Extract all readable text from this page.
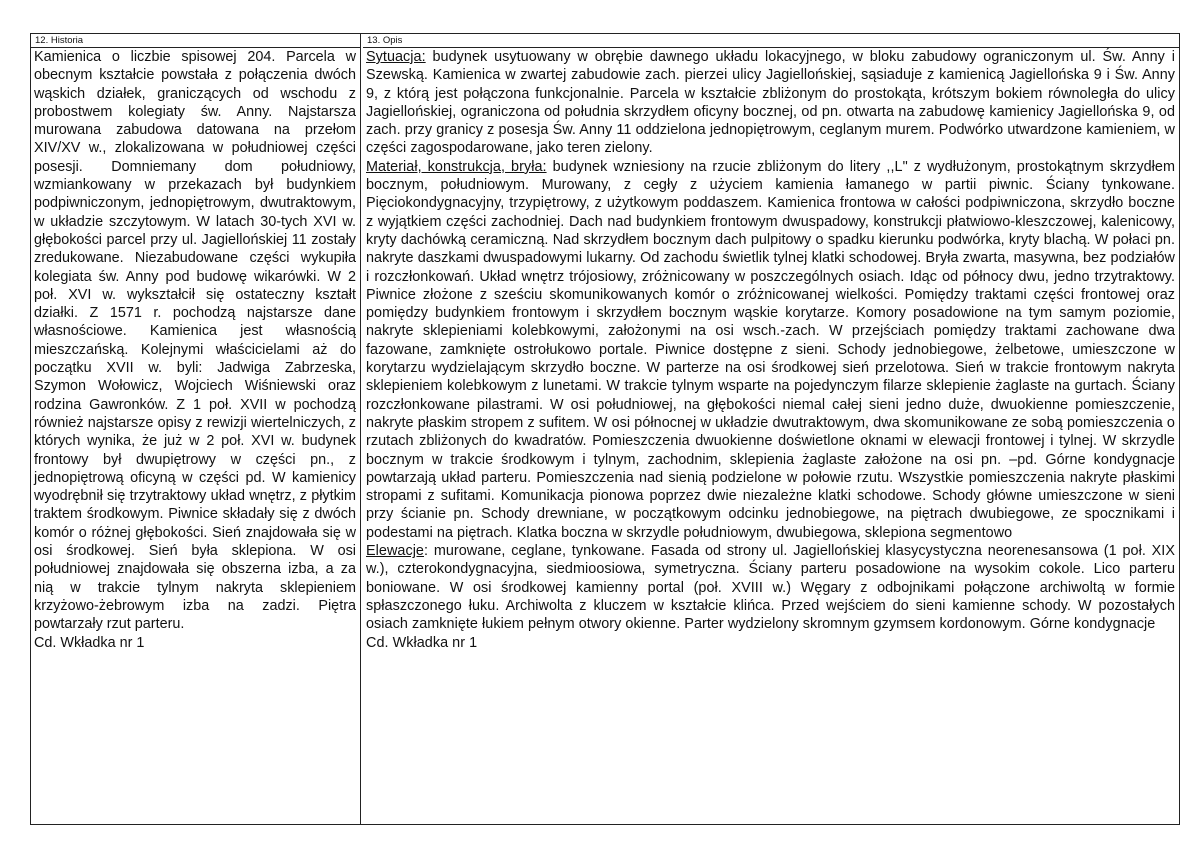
12. Historia

Kamienica o liczbie spisowej 204. Parcela w obecnym kształcie powstała z połączenia dwóch wąskich działek, graniczących od wschodu z probostwem kolegiaty św. Anny. Najstarsza murowana zabudowa datowana na przełom XIV/XV w., zlokalizowana w południowej części posesji. Domniemany dom południowy, wzmiankowany w przekazach był budynkiem podpiwniczonym, jednopiętrowym, dwutraktowym, w układzie szczytowym. W latach 30-tych XVI w. głębokości parcel przy ul. Jagiellońskiej 11 zostały zredukowane. Niezabudowane części wykupiła kolegiata św. Anny pod budowę wikarówki. W 2 poł. XVI w. wykształcił się ostateczny kształt działki. Z 1571 r. pochodzą najstarsze dane własnościowe. Kamienica jest własnością mieszczańską. Kolejnymi właścicielami aż do początku XVII w. byli: Jadwiga Zabrzeska, Szymon Wołowicz, Wojciech Wiśniewski oraz rodzina Gawronków. Z 1 poł. XVII w pochodzą również najstarsze opisy z rewizji wiertelniczych, z których wynika, że już w 2 poł. XVI w. budynek frontowy był dwupiętrowy w części pn., z jednopiętrową oficyną w części pd. W kamienicy wyodrębnił się trzytraktowy układ wnętrz, z płytkim traktem środkowym. Piwnice składały się z dwóch komór o różnej głębokości. Sień znajdowała się w osi środkowej. Sień była sklepiona. W osi południowej znajdowała się obszerna izba, a za nią w trakcie tylnym nakryta sklepieniem krzyżowo-żebrowym izba na zadzi. Piętra powtarzały rzut parteru.

Cd. Wkładka nr 1

13. Opis

Sytuacja: budynek usytuowany w obrębie dawnego układu lokacyjnego, w bloku zabudowy ograniczonym ul. Św. Anny i Szewską. Kamienica w zwartej zabudowie zach. pierzei ulicy Jagiellońskiej, sąsiaduje z kamienicą Jagiellońska 9 i Św. Anny 9, z którą jest połączona funkcjonalnie. Parcela w kształcie zbliżonym do prostokąta, krótszym bokiem równoległa do ulicy Jagiellońskiej, ograniczona od południa skrzydłem oficyny bocznej, od pn. otwarta na zabudowę kamienicy Jagiellońska 9, od zach. przy granicy z posesja Św. Anny 11 oddzielona jednopiętrowym, ceglanym murem. Podwórko utwardzone kamieniem, w części zagospodarowane, jako teren zielony.

Materiał, konstrukcja, bryła: budynek wzniesiony na rzucie zbliżonym do litery ,,L" z wydłużonym, prostokątnym skrzydłem bocznym, południowym. Murowany, z cegły z użyciem kamienia łamanego w partii piwnic. Ściany tynkowane. Pięciokondygnacyjny, trzypiętrowy, z użytkowym poddaszem. Kamienica frontowa w całości podpiwniczona, skrzydło boczne z wyjątkiem części zachodniej. Dach nad budynkiem frontowym dwuspadowy, konstrukcji płatwiowo-kleszczowej, kalenicowy, kryty dachówką ceramiczną. Nad skrzydłem bocznym dach pulpitowy o spadku kierunku podwórka, kryty blachą. W połaci pn. nakryte daszkami dwuspadowymi lukarny. Od zachodu świetlik tylnej klatki schodowej. Bryła zwarta, masywna, bez podziałów i rozczłonkowań. Układ wnętrz trójosiowy, zróżnicowany w poszczególnych osiach. Idąc od północy dwu, jedno trzytraktowy. Piwnice złożone z sześciu skomunikowanych komór o zróżnicowanej wielkości. Pomiędzy traktami części frontowej oraz pomiędzy budynkiem frontowym i skrzydłem bocznym wąskie korytarze. Komory posadowione na tym samym poziomie, nakryte sklepieniami kolebkowymi, założonymi na osi wsch.-zach. W przejściach pomiędzy traktami zachowane dwa fazowane, zamknięte ostrołukowo portale. Piwnice dostępne z sieni. Schody jednobiegowe, żelbetowe, umieszczone w korytarzu wydzielającym skrzydło boczne. W parterze na osi środkowej sień przelotowa. Sień w trakcie frontowym nakryta sklepieniem kolebkowym z lunetami. W trakcie tylnym wsparte na pojedynczym filarze sklepienie żaglaste na gurtach. Ściany rozczłonkowane pilastrami. W osi południowej, na głębokości niemal całej sieni jedno duże, dwuokienne pomieszczenie, nakryte płaskim stropem z sufitem. W osi północnej w układzie dwutraktowym, dwa skomunikowane ze sobą pomieszczenia o rzutach zbliżonych do kwadratów. Pomieszczenia dwuokienne doświetlone oknami w elewacji frontowej i tylnej. W skrzydle bocznym w trakcie środkowym i tylnym, zachodnim, sklepienia żaglaste założone na osi pn. –pd. Górne kondygnacje powtarzają układ parteru. Pomieszczenia nad sienią podzielone w połowie rzutu. Wszystkie pomieszczenia nakryte płaskimi stropami z sufitami. Komunikacja pionowa poprzez dwie niezależne klatki schodowe. Schody główne umieszczone w sieni przy ścianie pn. Schody drewniane, w początkowym odcinku jednobiegowe, na piętrach dwubiegowe, ze spocznikami i podestami na piętrach. Klatka boczna w skrzydle południowym, dwubiegowa, sklepiona segmentowo

Elewacje: murowane, ceglane, tynkowane. Fasada od strony ul. Jagiellońskiej klasycystyczna neorenesansowa (1 poł. XIX w.), czterokondygnacyjna, siedmioosiowa, symetryczna. Ściany parteru posadowione na wysokim cokole. Lico parteru boniowane. W osi środkowej kamienny portal (poł. XVIII w.) Węgary z odbojnikami połączone archiwoltą w formie spłaszczonego łuku. Archiwolta z kluczem w kształcie klińca. Przed wejściem do sieni kamienne schody. W pozostałych osiach zamknięte łukiem pełnym otwory okienne. Parter wydzielony skromnym gzymsem kordonowym. Górne kondygnacje

Cd. Wkładka nr 1
